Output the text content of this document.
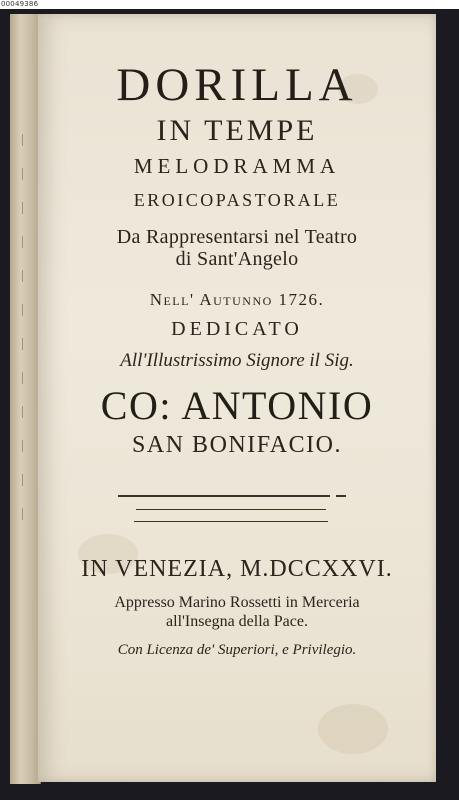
00049386
DORILLA
IN TEMPE
MELODRAMMA
EROICOPASTORALE
Da Rappresentarsi nel Teatro
di Sant'Angelo
Nell' Autunno 1726.
DEDICATO
All'Illustrissimo Signore il Sig.
CO: ANTONIO
SAN BONIFACIO.
IN VENEZIA, M.DCCXXVI.
Appresso Marino Rossetti in Merceria
all'Insegna della Pace.
Con Licenza de' Superiori, e Privilegio.
